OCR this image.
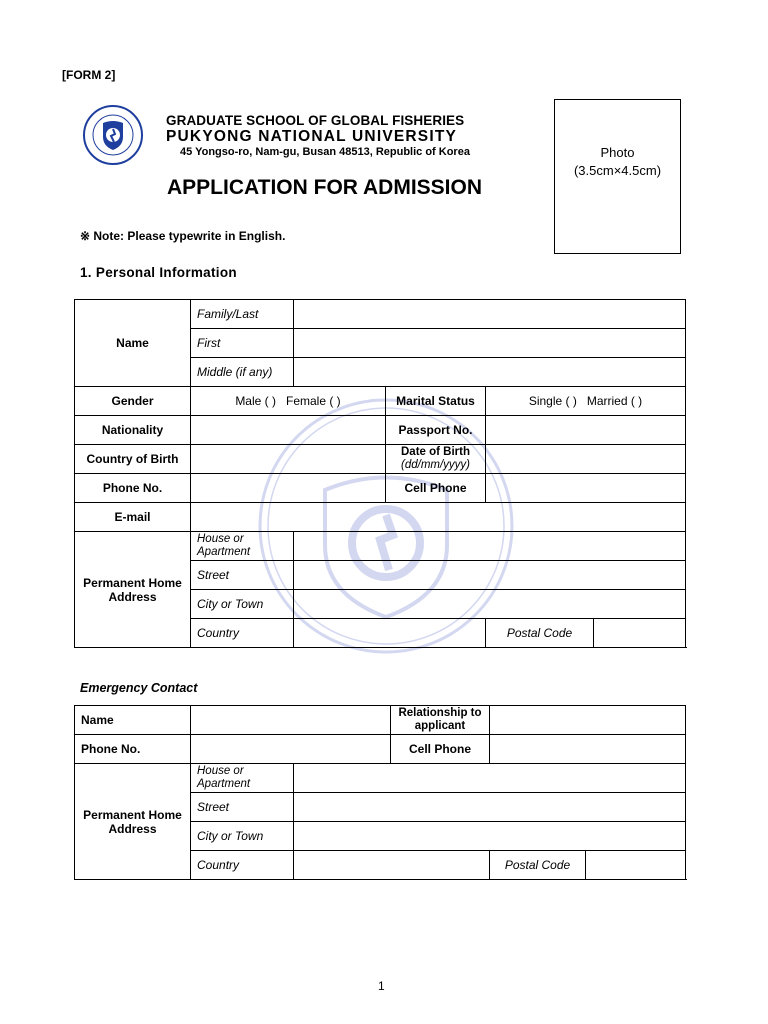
[FORM 2]
GRADUATE SCHOOL OF GLOBAL FISHERIES
PUKYONG NATIONAL UNIVERSITY
45 Yongso-ro, Nam-gu, Busan 48513, Republic of Korea
APPLICATION FOR ADMISSION
Photo
(3.5cm×4.5cm)
※ Note: Please typewrite in English.
1. Personal Information
Name	Family/Last				
	First				
	Middle (if any)				
Gender	Male ( )   Female ( )		Marital Status	Single ( )   Married ( )	
Nationality			Passport No.		
Country of Birth			Date of Birth
(dd/mm/yyyy)		

Phone No.			Cell Phone		
E-mail					
Permanent Home Address	House or Apartment				
	Street				
	City or Town				
	Country			Postal Code	
Emergency Contact
Name			Relationship to applicant		
Phone No.			Cell Phone		
Permanent Home Address	House or Apartment				
	Street				
	City or Town				
	Country			Postal Code	
1
